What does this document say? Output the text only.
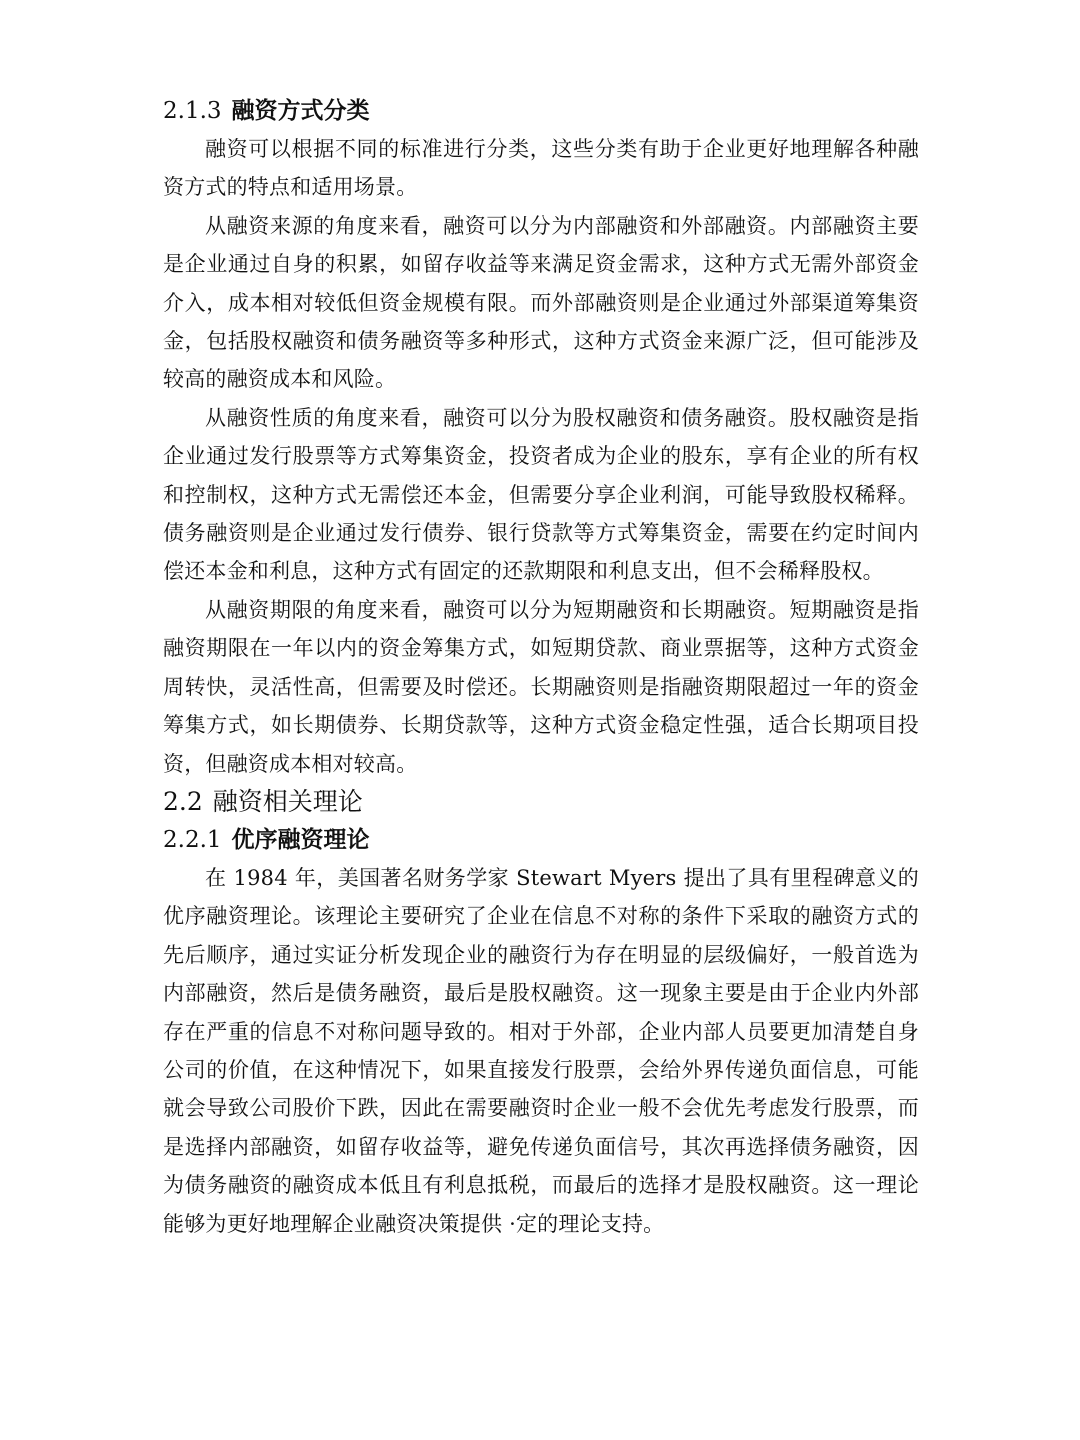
2.1.3 融资方式分类

融资可以根据不同的标准进行分类，这些分类有助于企业更好地理解各种融资方式的特点和适用场景。

从融资来源的角度来看，融资可以分为内部融资和外部融资。内部融资主要是企业通过自身的积累，如留存收益等来满足资金需求，这种方式无需外部资金介入，成本相对较低但资金规模有限。而外部融资则是企业通过外部渠道筹集资金，包括股权融资和债务融资等多种形式，这种方式资金来源广泛，但可能涉及较高的融资成本和风险。

从融资性质的角度来看，融资可以分为股权融资和债务融资。股权融资是指企业通过发行股票等方式筹集资金，投资者成为企业的股东，享有企业的所有权和控制权，这种方式无需偿还本金，但需要分享企业利润，可能导致股权稀释。债务融资则是企业通过发行债券、银行贷款等方式筹集资金，需要在约定时间内偿还本金和利息，这种方式有固定的还款期限和利息支出，但不会稀释股权。

从融资期限的角度来看，融资可以分为短期融资和长期融资。短期融资是指融资期限在一年以内的资金筹集方式，如短期贷款、商业票据等，这种方式资金周转快，灵活性高，但需要及时偿还。长期融资则是指融资期限超过一年的资金筹集方式，如长期债券、长期贷款等，这种方式资金稳定性强，适合长期项目投资，但融资成本相对较高。

2.2 融资相关理论
2.2.1 优序融资理论

在 1984 年，美国著名财务学家 Stewart Myers 提出了具有里程碑意义的优序融资理论。该理论主要研究了企业在信息不对称的条件下采取的融资方式的先后顺序，通过实证分析发现企业的融资行为存在明显的层级偏好，一般首选为内部融资，然后是债务融资，最后是股权融资。这一现象主要是由于企业内外部存在严重的信息不对称问题导致的。相对于外部，企业内部人员要更加清楚自身公司的价值，在这种情况下，如果直接发行股票，会给外界传递负面信息，可能就会导致公司股价下跌，因此在需要融资时企业一般不会优先考虑发行股票，而是选择内部融资，如留存收益等，避免传递负面信号，其次再选择债务融资，因为债务融资的融资成本低且有利息抵税，而最后的选择才是股权融资。这一理论能够为更好地理解企业融资决策提供 ·定的理论支持。
